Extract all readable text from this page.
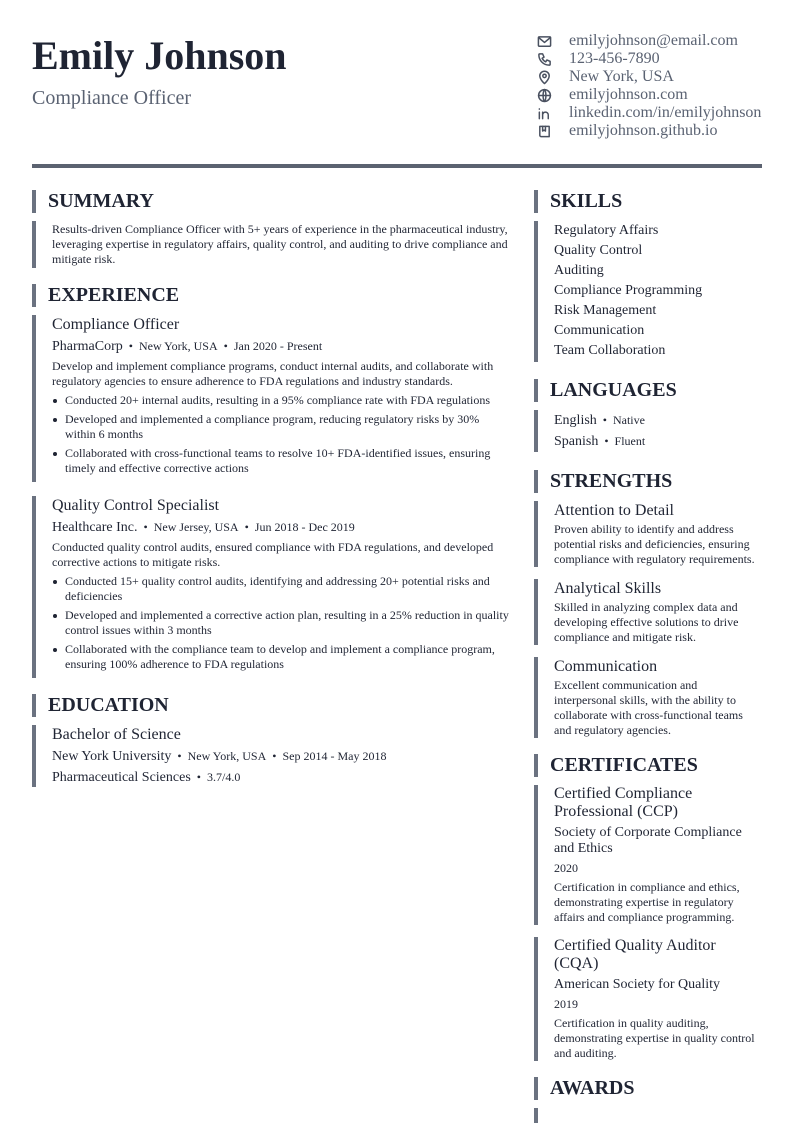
Emily Johnson
Compliance Officer
emilyjohnson@email.com
123-456-7890
New York, USA
emilyjohnson.com
linkedin.com/in/emilyjohnson
emilyjohnson.github.io
SUMMARY
Results-driven Compliance Officer with 5+ years of experience in the pharmaceutical industry, leveraging expertise in regulatory affairs, quality control, and auditing to drive compliance and mitigate risk.
EXPERIENCE
Compliance Officer
PharmaCorp • New York, USA • Jan 2020 - Present
Develop and implement compliance programs, conduct internal audits, and collaborate with regulatory agencies to ensure adherence to FDA regulations and industry standards.
Conducted 20+ internal audits, resulting in a 95% compliance rate with FDA regulations
Developed and implemented a compliance program, reducing regulatory risks by 30% within 6 months
Collaborated with cross-functional teams to resolve 10+ FDA-identified issues, ensuring timely and effective corrective actions
Quality Control Specialist
Healthcare Inc. • New Jersey, USA • Jun 2018 - Dec 2019
Conducted quality control audits, ensured compliance with FDA regulations, and developed corrective actions to mitigate risks.
Conducted 15+ quality control audits, identifying and addressing 20+ potential risks and deficiencies
Developed and implemented a corrective action plan, resulting in a 25% reduction in quality control issues within 3 months
Collaborated with the compliance team to develop and implement a compliance program, ensuring 100% adherence to FDA regulations
EDUCATION
Bachelor of Science
New York University • New York, USA • Sep 2014 - May 2018
Pharmaceutical Sciences • 3.7/4.0
SKILLS
Regulatory Affairs
Quality Control
Auditing
Compliance Programming
Risk Management
Communication
Team Collaboration
LANGUAGES
English • Native
Spanish • Fluent
STRENGTHS
Attention to Detail
Proven ability to identify and address potential risks and deficiencies, ensuring compliance with regulatory requirements.
Analytical Skills
Skilled in analyzing complex data and developing effective solutions to drive compliance and mitigate risk.
Communication
Excellent communication and interpersonal skills, with the ability to collaborate with cross-functional teams and regulatory agencies.
CERTIFICATES
Certified Compliance Professional (CCP)
Society of Corporate Compliance and Ethics
2020
Certification in compliance and ethics, demonstrating expertise in regulatory affairs and compliance programming.
Certified Quality Auditor (CQA)
American Society for Quality
2019
Certification in quality auditing, demonstrating expertise in quality control and auditing.
AWARDS
